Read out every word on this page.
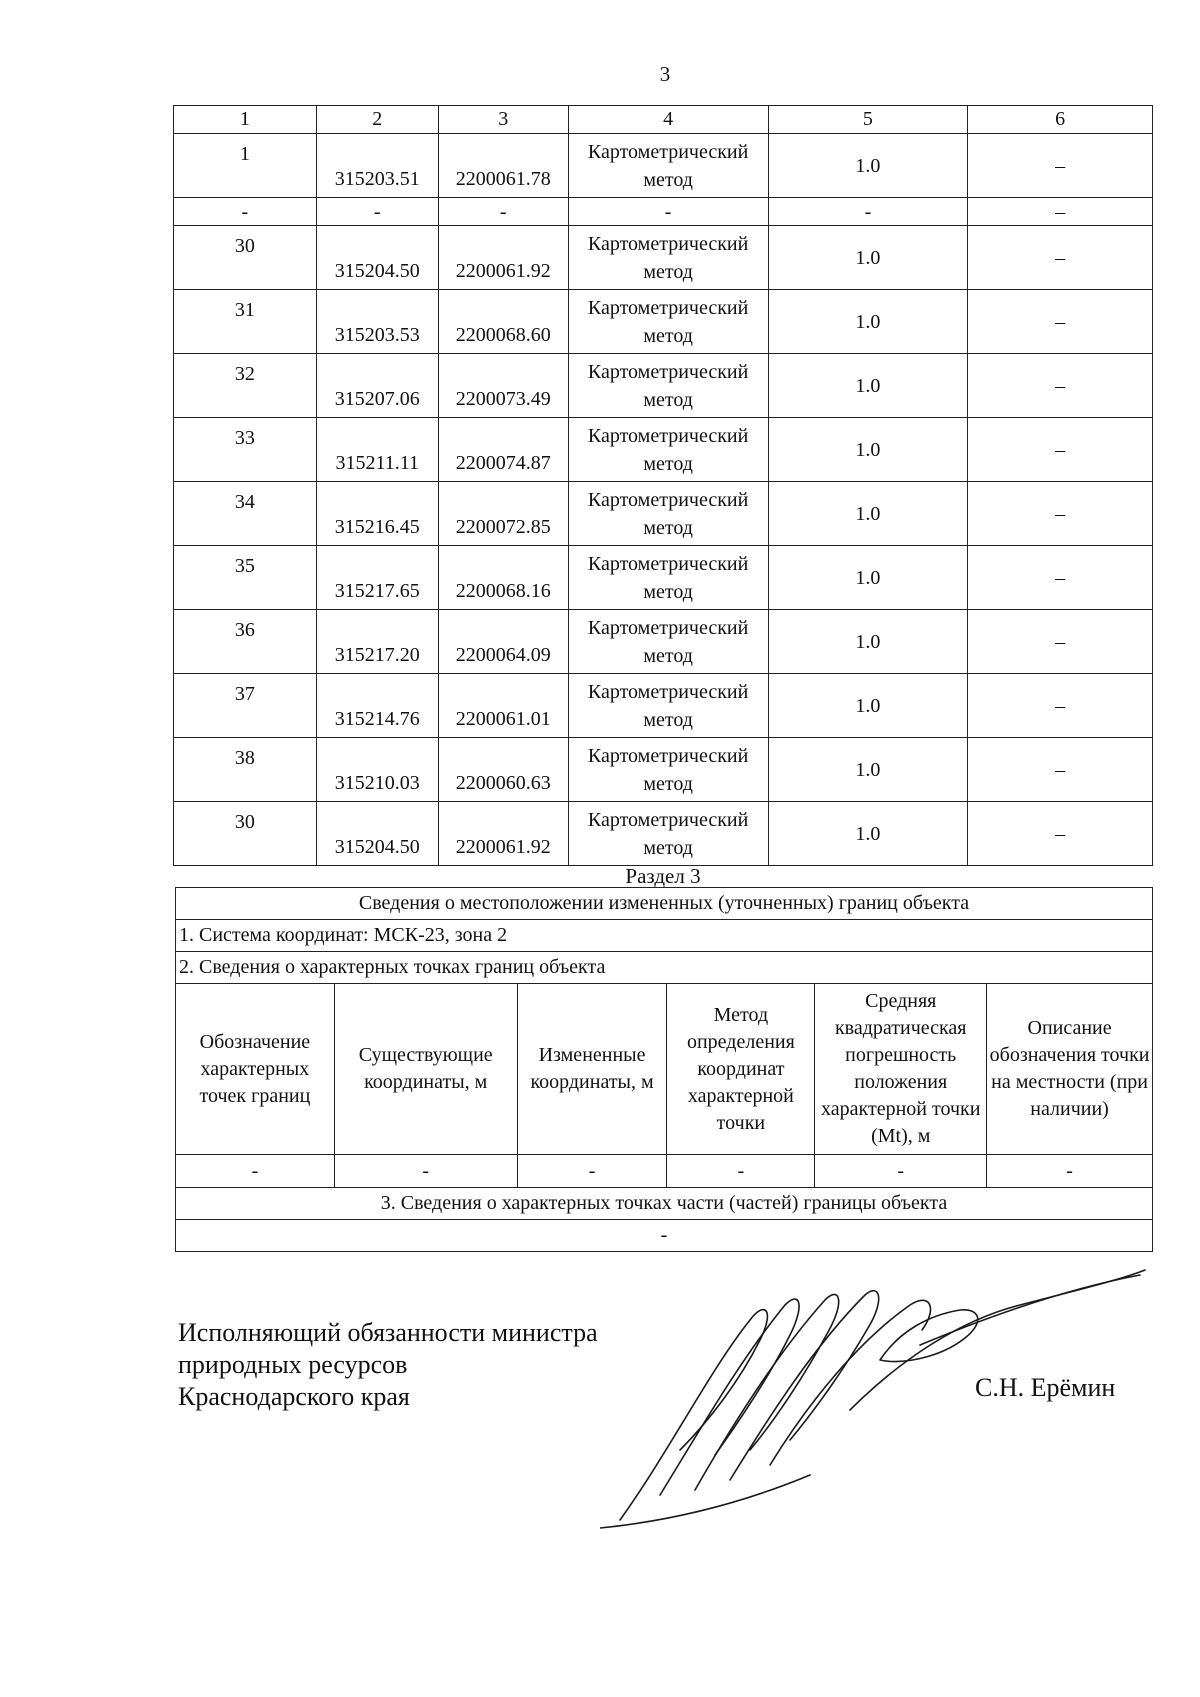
3
1	2	3	4	5	6
1	315203.51	2200061.78	Картометрический метод	1.0	–
-	-	-	-	-	–
30	315204.50	2200061.92	Картометрический метод	1.0	–
31	315203.53	2200068.60	Картометрический метод	1.0	–
32	315207.06	2200073.49	Картометрический метод	1.0	–
33	315211.11	2200074.87	Картометрический метод	1.0	–
34	315216.45	2200072.85	Картометрический метод	1.0	–
35	315217.65	2200068.16	Картометрический метод	1.0	–
36	315217.20	2200064.09	Картометрический метод	1.0	–
37	315214.76	2200061.01	Картометрический метод	1.0	–
38	315210.03	2200060.63	Картометрический метод	1.0	–
30	315204.50	2200061.92	Картометрический метод	1.0	–
Раздел 3
Сведения о местоположении измененных (уточненных) границ объекта					
1. Система координат: МСК-23, зона 2					
2. Сведения о характерных точках границ объекта					
Обозначение характерных точек границ	Существующие координаты, м	Измененные координаты, м	Метод определения координат характерной точки	Средняя квадратическая погрешность положения характерной точки (Mt), м	Описание обозначения точки на местности (при наличии)
-	-	-	-	-	-
3. Сведения о характерных точках части (частей) границы объекта					
-					
Исполняющий обязанности министра
природных ресурсов
Краснодарского края	С.Н. Ерёмин
